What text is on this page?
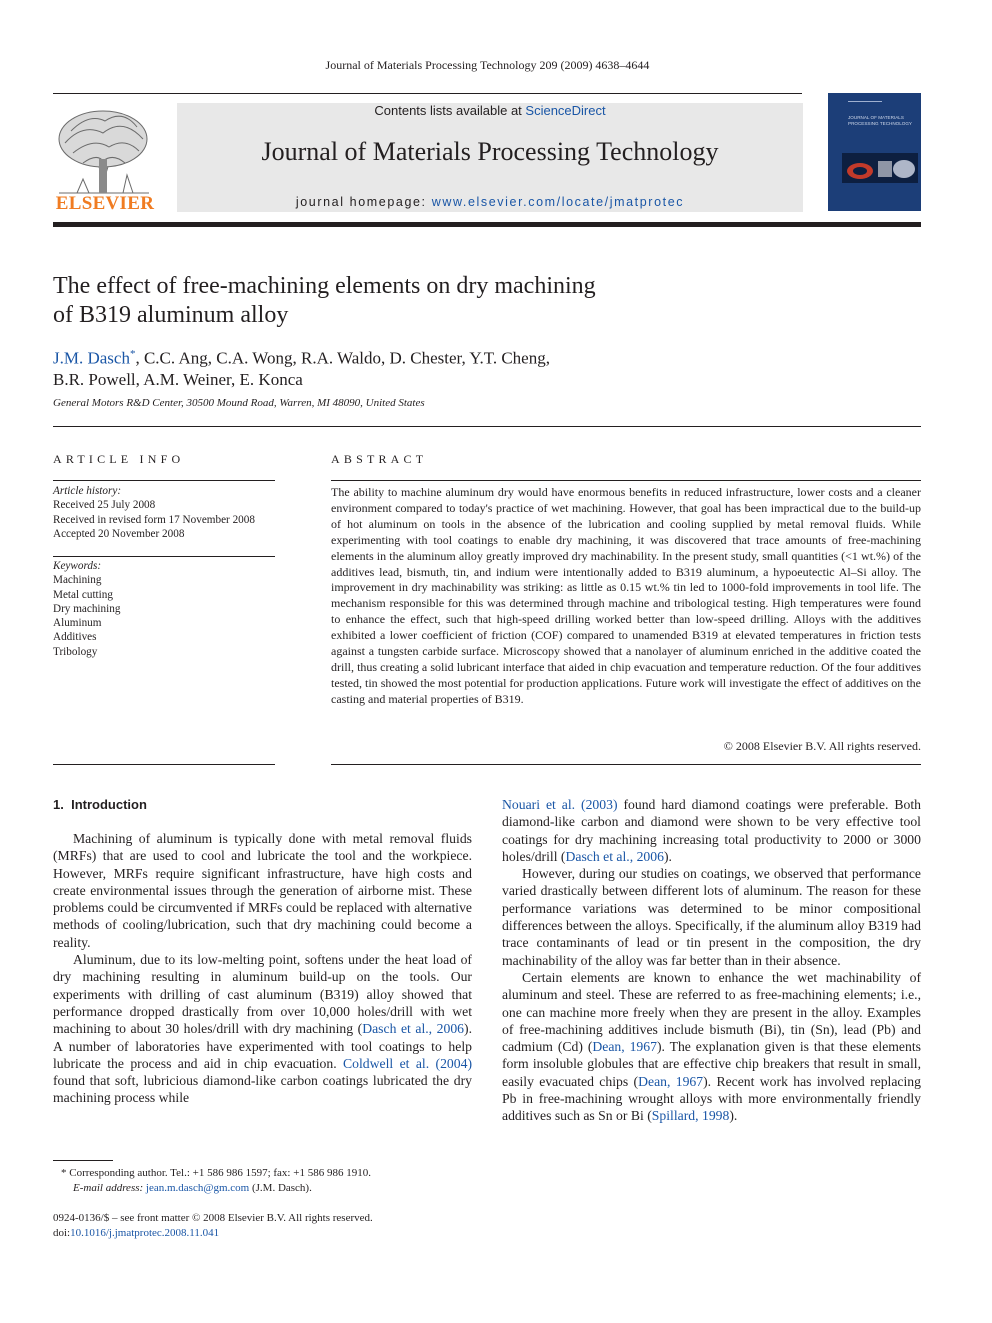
Journal of Materials Processing Technology 209 (2009) 4638–4644
ELSEVIER
Contents lists available at ScienceDirect
Journal of Materials Processing Technology
journal homepage: www.elsevier.com/locate/jmatprotec
JOURNAL OF MATERIALS PROCESSING TECHNOLOGY
The effect of free-machining elements on dry machining
of B319 aluminum alloy
J.M. Dasch*, C.C. Ang, C.A. Wong, R.A. Waldo, D. Chester, Y.T. Cheng,
B.R. Powell, A.M. Weiner, E. Konca
General Motors R&D Center, 30500 Mound Road, Warren, MI 48090, United States
ARTICLE INFO
Article history:
Received 25 July 2008
Received in revised form 17 November 2008
Accepted 20 November 2008
Keywords:
Machining
Metal cutting
Dry machining
Aluminum
Additives
Tribology
ABSTRACT
The ability to machine aluminum dry would have enormous benefits in reduced infrastructure, lower costs and a cleaner environment compared to today's practice of wet machining. However, that goal has been impractical due to the build-up of hot aluminum on tools in the absence of the lubrication and cooling supplied by metal removal fluids. While experimenting with tool coatings to enable dry machining, it was discovered that trace amounts of free-machining elements in the aluminum alloy greatly improved dry machinability. In the present study, small quantities (<1 wt.%) of the additives lead, bismuth, tin, and indium were intentionally added to B319 aluminum, a hypoeutectic Al–Si alloy. The improvement in dry machinability was striking: as little as 0.15 wt.% tin led to 1000-fold improvements in tool life. The mechanism responsible for this was determined through machine and tribological testing. High temperatures were found to enhance the effect, such that high-speed drilling worked better than low-speed drilling. Alloys with the additives exhibited a lower coefficient of friction (COF) compared to unamended B319 at elevated temperatures in friction tests against a tungsten carbide surface. Microscopy showed that a nanolayer of aluminum enriched in the additive coated the drill, thus creating a solid lubricant interface that aided in chip evacuation and temperature reduction. Of the four additives tested, tin showed the most potential for production applications. Future work will investigate the effect of additives on the casting and material properties of B319.
© 2008 Elsevier B.V. All rights reserved.
1. Introduction

Machining of aluminum is typically done with metal removal fluids (MRFs) that are used to cool and lubricate the tool and the workpiece. However, MRFs require significant infrastructure, have high costs and create environmental issues through the generation of airborne mist. These problems could be circumvented if MRFs could be replaced with alternative methods of cooling/lubrication, such that dry machining could become a reality.

Aluminum, due to its low-melting point, softens under the heat load of dry machining resulting in aluminum build-up on the tools. Our experiments with drilling of cast aluminum (B319) alloy showed that performance dropped drastically from over 10,000 holes/drill with wet machining to about 30 holes/drill with dry machining (Dasch et al., 2006). A number of laboratories have experimented with tool coatings to help lubricate the process and aid in chip evacuation. Coldwell et al. (2004) found that soft, lubricious diamond-like carbon coatings lubricated the dry machining process while

Nouari et al. (2003) found hard diamond coatings were preferable. Both diamond-like carbon and diamond were shown to be very effective tool coatings for dry machining increasing total productivity to 2000 or 3000 holes/drill (Dasch et al., 2006).

However, during our studies on coatings, we observed that performance varied drastically between different lots of aluminum. The reason for these performance variations was determined to be minor compositional differences between the alloys. Specifically, if the aluminum alloy B319 had trace contaminants of lead or tin present in the composition, the dry machinability of the alloy was far better than in their absence.

Certain elements are known to enhance the wet machinability of aluminum and steel. These are referred to as free-machining elements; i.e., one can machine more freely when they are present in the alloy. Examples of free-machining additives include bismuth (Bi), tin (Sn), lead (Pb) and cadmium (Cd) (Dean, 1967). The explanation given is that these elements form insoluble globules that are effective chip breakers that result in small, easily evacuated chips (Dean, 1967). Recent work has involved replacing Pb in free-machining wrought alloys with more environmentally friendly additives such as Sn or Bi (Spillard, 1998).

* Corresponding author. Tel.: +1 586 986 1597; fax: +1 586 986 1910.
E-mail address: jean.m.dasch@gm.com (J.M. Dasch).
0924-0136/$ – see front matter © 2008 Elsevier B.V. All rights reserved.
doi:10.1016/j.jmatprotec.2008.11.041
